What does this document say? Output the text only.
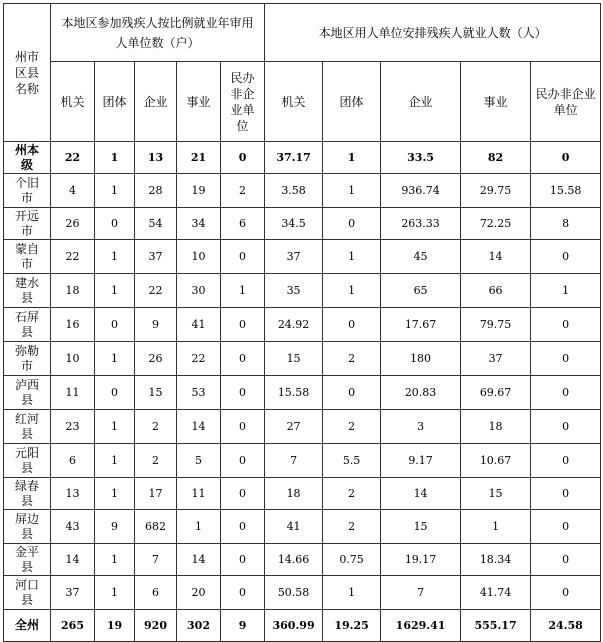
州市区县名称	本地区参加残疾人按比例就业年审用人单位数（户）					本地区用人单位安排残疾人就业人数（人）				

	机关	团体	企业	事业	民办非企业单位	机关	团体	企业	事业	民办非企业单位

州本级	22	1	13	21	0	37.17	1	33.5	82	0

个旧市	4	1	28	19	2	3.58	1	936.74	29.75	15.58

开远市	26	0	54	34	6	34.5	0	263.33	72.25	8

蒙自市	22	1	37	10	0	37	1	45	14	0

建水县	18	1	22	30	1	35	1	65	66	1

石屏县	16	0	9	41	0	24.92	0	17.67	79.75	0

弥勒市	10	1	26	22	0	15	2	180	37	0

泸西县	11	0	15	53	0	15.58	0	20.83	69.67	0

红河县	23	1	2	14	0	27	2	3	18	0

元阳县	6	1	2	5	0	7	5.5	9.17	10.67	0

绿春县	13	1	17	11	0	18	2	14	15	0

屏边县	43	9	682	1	0	41	2	15	1	0

金平县	14	1	7	14	0	14.66	0.75	19.17	18.34	0

河口县	37	1	6	20	0	50.58	1	7	41.74	0

全州	265	19	920	302	9	360.99	19.25	1629.41	555.17	24.58
